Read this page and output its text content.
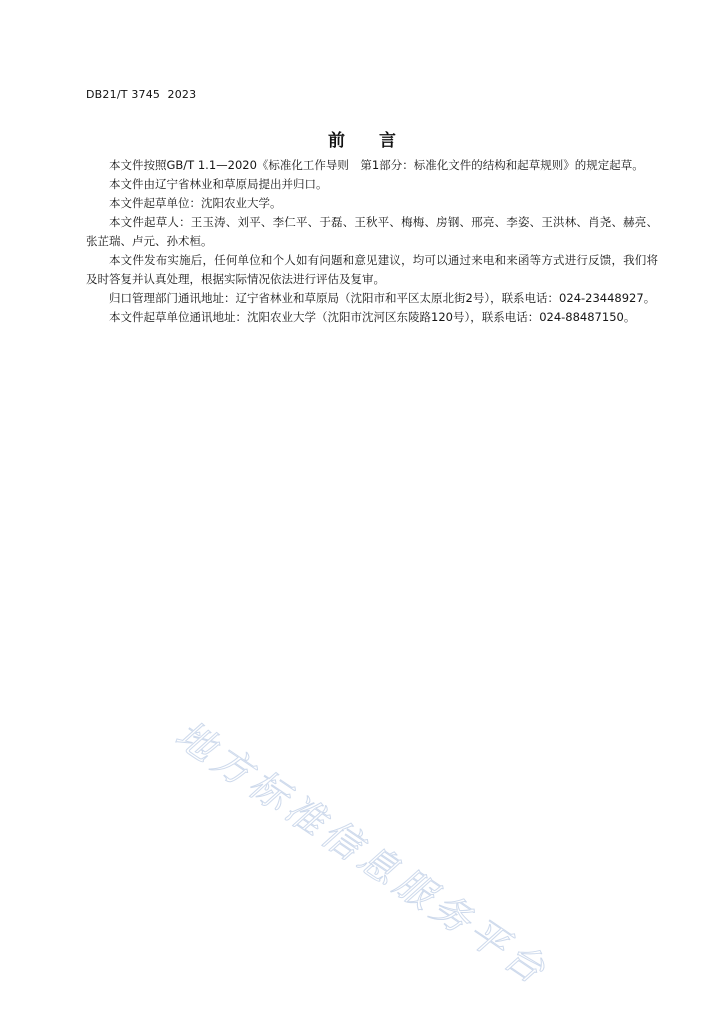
DB21/T 3745  2023
前言

本文件按照GB/T 1.1—2020《标准化工作导则　第1部分：标准化文件的结构和起草规则》的规定起草。

本文件由辽宁省林业和草原局提出并归口。

本文件起草单位：沈阳农业大学。

本文件起草人：王玉涛、刘平、李仁平、于磊、王秋平、梅梅、房钢、邢亮、李姿、王洪林、肖尧、赫亮、张芷瑞、卢元、孙术桓。

本文件发布实施后，任何单位和个人如有问题和意见建议，均可以通过来电和来函等方式进行反馈，我们将及时答复并认真处理，根据实际情况依法进行评估及复审。

归口管理部门通讯地址：辽宁省林业和草原局（沈阳市和平区太原北街2号），联系电话：024-23448927。

本文件起草单位通讯地址：沈阳农业大学（沈阳市沈河区东陵路120号），联系电话：024-88487150。

地方标准信息服务平台
